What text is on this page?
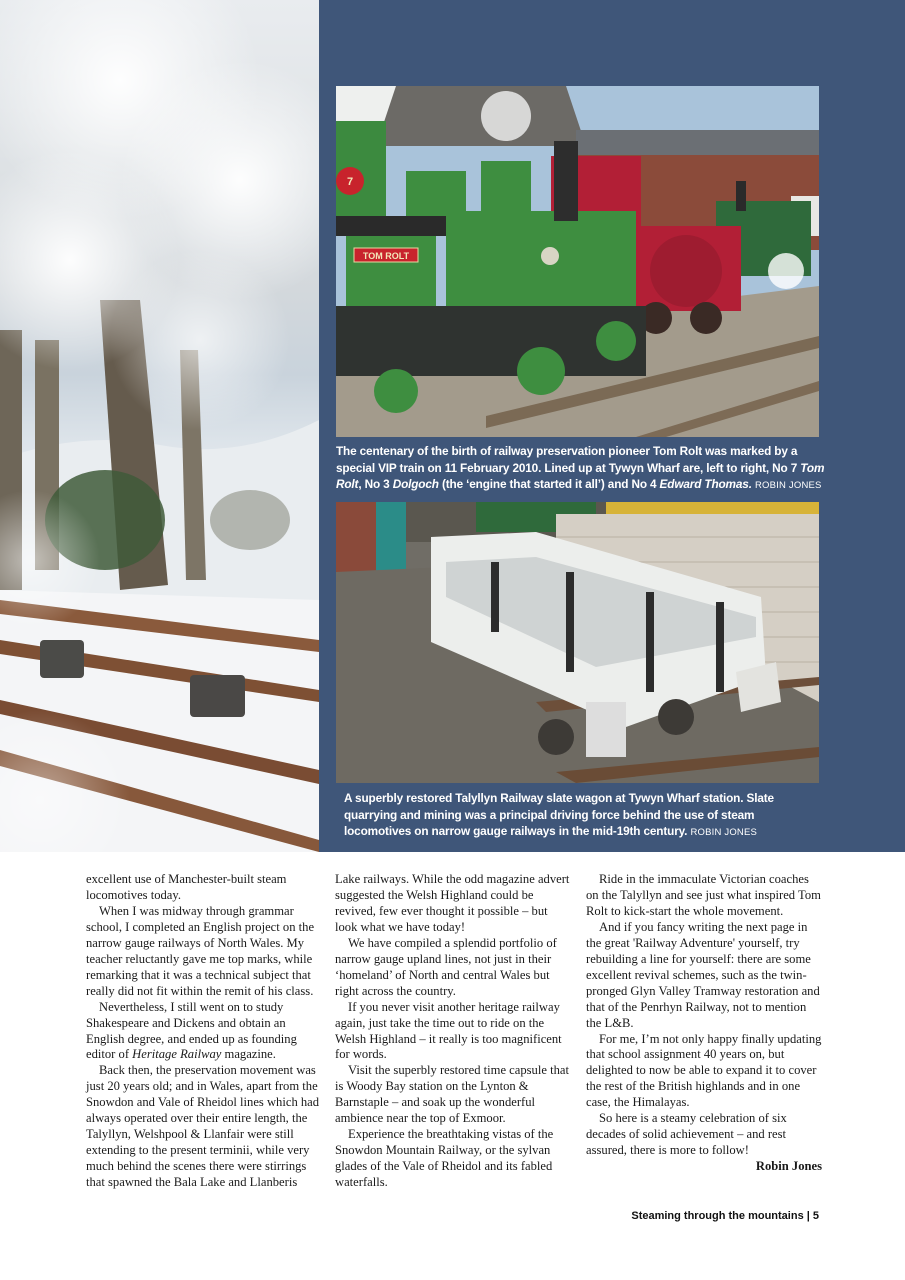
7
TOM ROLT
The centenary of the birth of railway preservation pioneer Tom Rolt was marked by a special VIP train on 11 February 2010. Lined up at Tywyn Wharf are, left to right, No 7 Tom Rolt, No 3 Dolgoch (the ‘engine that started it all’) and No 4 Edward Thomas. ROBIN JONES
A superbly restored Talyllyn Railway slate wagon at Tywyn Wharf station. Slate quarrying and mining was a principal driving force behind the use of steam locomotives on narrow gauge railways in the mid-19th century. ROBIN JONES

excellent use of Manchester-built steam locomotives today.

When I was midway through grammar school, I completed an English project on the narrow gauge railways of North Wales. My teacher reluctantly gave me top marks, while remarking that it was a technical subject that really did not fit within the remit of his class.

Nevertheless, I still went on to study Shakespeare and Dickens and obtain an English degree, and ended up as founding editor of Heritage Railway magazine.

Back then, the preservation movement was just 20 years old; and in Wales, apart from the Snowdon and Vale of Rheidol lines which had always operated over their entire length, the Talyllyn, Welshpool & Llanfair were still extending to the present terminii, while very much behind the scenes there were stirrings that spawned the Bala Lake and Llanberis

Lake railways. While the odd magazine advert suggested the Welsh Highland could be revived, few ever thought it possible – but look what we have today!

We have compiled a splendid portfolio of narrow gauge upland lines, not just in their ‘homeland’ of North and central Wales but right across the country.

If you never visit another heritage railway again, just take the time out to ride on the Welsh Highland – it really is too magnificent for words.

Visit the superbly restored time capsule that is Woody Bay station on the Lynton & Barnstaple – and soak up the wonderful ambience near the top of Exmoor.

Experience the breathtaking vistas of the Snowdon Mountain Railway, or the sylvan glades of the Vale of Rheidol and its fabled waterfalls.

Ride in the immaculate Victorian coaches on the Talyllyn and see just what inspired Tom Rolt to kick-start the whole movement.

And if you fancy writing the next page in the great 'Railway Adventure' yourself, try rebuilding a line for yourself: there are some excellent revival schemes, such as the twin-pronged Glyn Valley Tramway restoration and that of the Penrhyn Railway, not to mention the L&B.

For me, I’m not only happy finally updating that school assignment 40 years on, but delighted to now be able to expand it to cover the rest of the British highlands and in one case, the Himalayas.

So here is a steamy celebration of six decades of solid achievement – and rest assured, there is more to follow!

Robin Jones

Steaming through the mountains | 5
